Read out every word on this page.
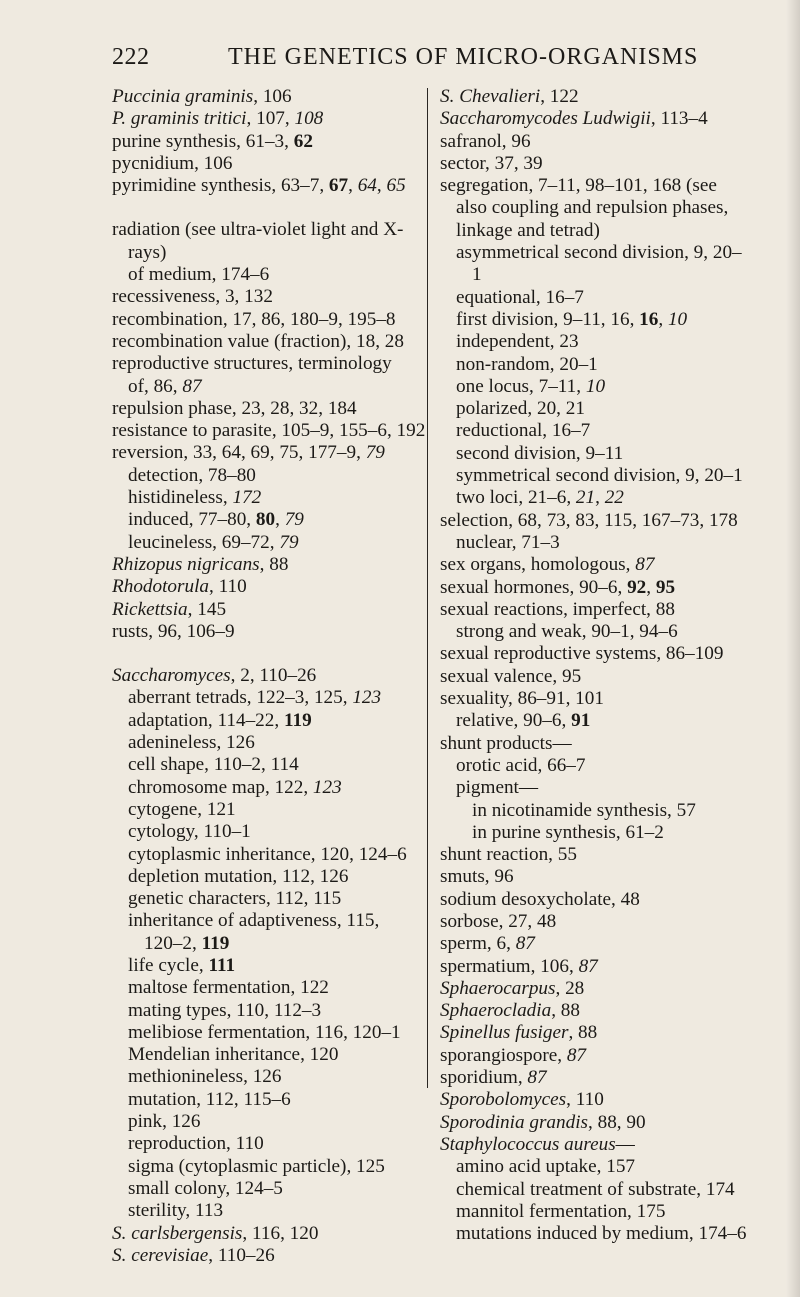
222	THE GENETICS OF MICRO-ORGANISMS
Puccinia graminis, 106
P. graminis tritici, 107, 108
purine synthesis, 61–3, 62
pycnidium, 106
pyrimidine synthesis, 63–7, 67, 64, 65
radiation (see ultra-violet light and X-rays)
of medium, 174–6
recessiveness, 3, 132
recombination, 17, 86, 180–9, 195–8
recombination value (fraction), 18, 28
reproductive structures, terminology of, 86, 87
repulsion phase, 23, 28, 32, 184
resistance to parasite, 105–9, 155–6, 192
reversion, 33, 64, 69, 75, 177–9, 79
detection, 78–80
histidineless, 172
induced, 77–80, 80, 79
leucineless, 69–72, 79
Rhizopus nigricans, 88
Rhodotorula, 110
Rickettsia, 145
rusts, 96, 106–9
Saccharomyces, 2, 110–26
aberrant tetrads, 122–3, 125, 123
adaptation, 114–22, 119
adenineless, 126
cell shape, 110–2, 114
chromosome map, 122, 123
cytogene, 121
cytology, 110–1
cytoplasmic inheritance, 120, 124–6
depletion mutation, 112, 126
genetic characters, 112, 115
inheritance of adaptiveness, 115, 120–2, 119
life cycle, 111
maltose fermentation, 122
mating types, 110, 112–3
melibiose fermentation, 116, 120–1
Mendelian inheritance, 120
methionineless, 126
mutation, 112, 115–6
pink, 126
reproduction, 110
sigma (cytoplasmic particle), 125
small colony, 124–5
sterility, 113
S. carlsbergensis, 116, 120
S. cerevisiae, 110–26
S. Chevalieri, 122
Saccharomycodes Ludwigii, 113–4
safranol, 96
sector, 37, 39
segregation, 7–11, 98–101, 168 (see also coupling and repulsion phases, linkage and tetrad)
asymmetrical second division, 9, 20–1
equational, 16–7
first division, 9–11, 16, 16, 10
independent, 23
non-random, 20–1
one locus, 7–11, 10
polarized, 20, 21
reductional, 16–7
second division, 9–11
symmetrical second division, 9, 20–1
two loci, 21–6, 21, 22
selection, 68, 73, 83, 115, 167–73, 178
nuclear, 71–3
sex organs, homologous, 87
sexual hormones, 90–6, 92, 95
sexual reactions, imperfect, 88
strong and weak, 90–1, 94–6
sexual reproductive systems, 86–109
sexual valence, 95
sexuality, 86–91, 101
relative, 90–6, 91
shunt products—
orotic acid, 66–7
pigment—
in nicotinamide synthesis, 57
in purine synthesis, 61–2
shunt reaction, 55
smuts, 96
sodium desoxycholate, 48
sorbose, 27, 48
sperm, 6, 87
spermatium, 106, 87
Sphaerocarpus, 28
Sphaerocladia, 88
Spinellus fusiger, 88
sporangiospore, 87
sporidium, 87
Sporobolomyces, 110
Sporodinia grandis, 88, 90
Staphylococcus aureus—
amino acid uptake, 157
chemical treatment of substrate, 174
mannitol fermentation, 175
mutations induced by medium, 174–6
